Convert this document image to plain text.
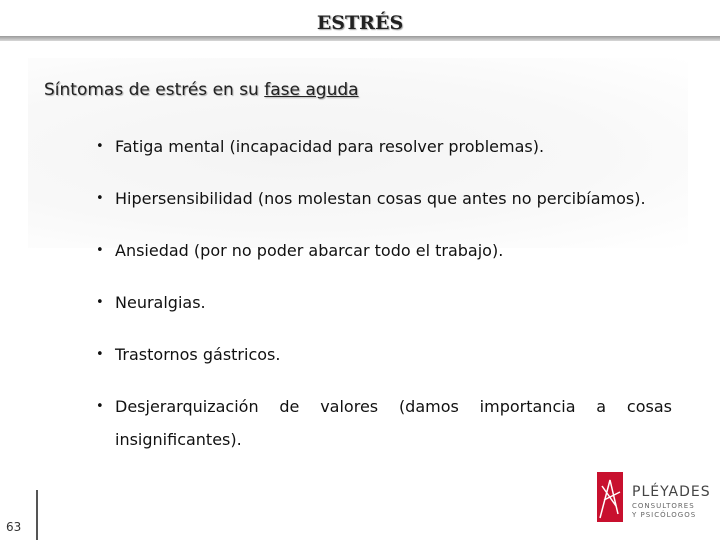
ESTRÉS
Síntomas de estrés en su fase aguda
• Fatiga mental (incapacidad para resolver problemas).
• Hipersensibilidad (nos molestan cosas que antes no percibíamos).
• Ansiedad (por no poder abarcar todo el trabajo).
• Neuralgias.
• Trastornos gástricos.
• Desjerarquización de valores (damos importancia a cosas insignificantes).
63
PLÉYADES
CONSULTORES
Y PSICÓLOGOS
